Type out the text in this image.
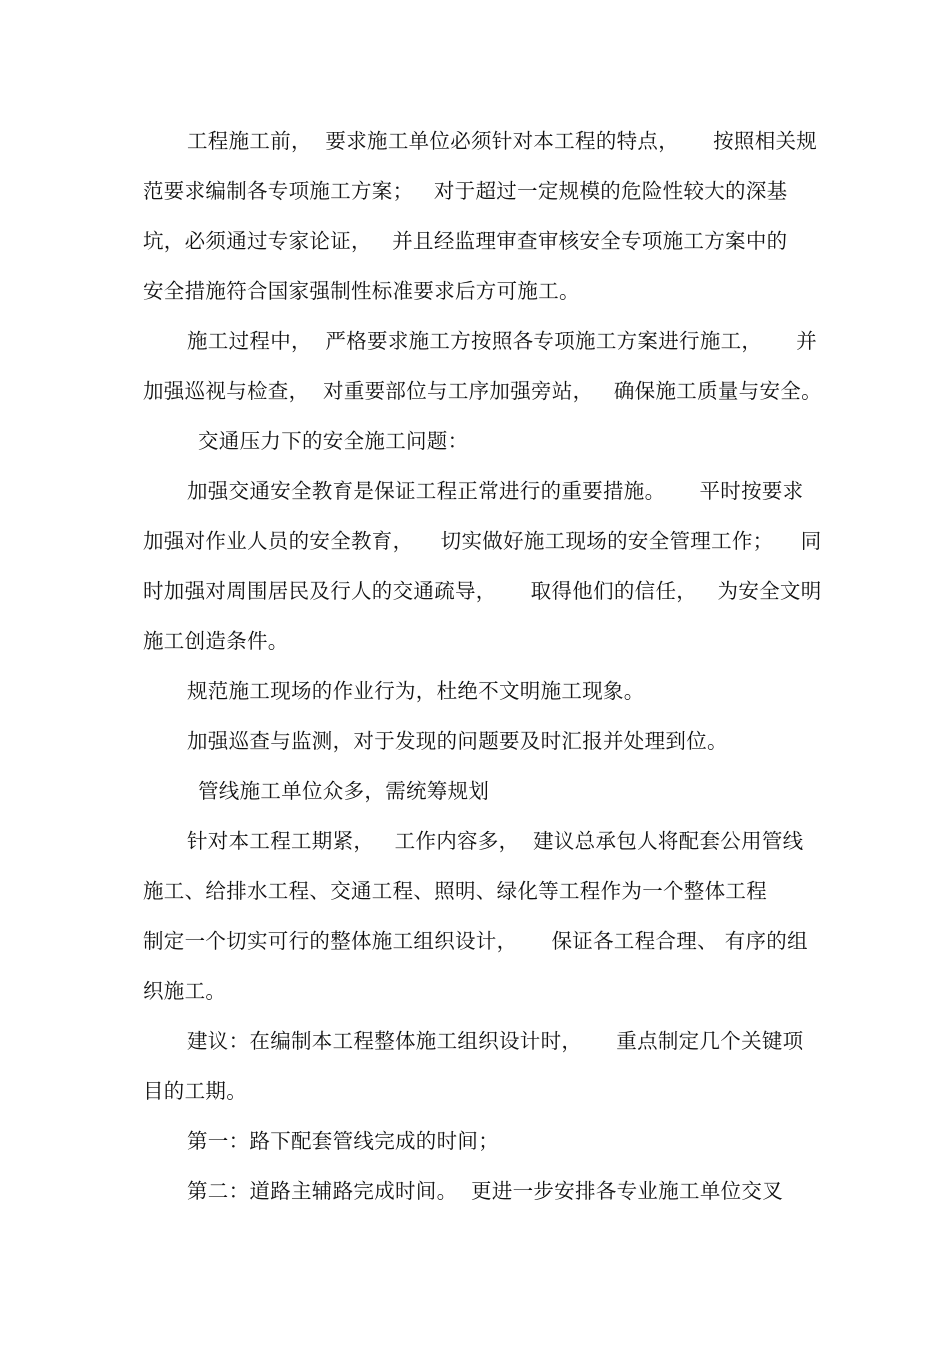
工程施工前，  要求施工单位必须针对本工程的特点，     按照相关规
范要求编制各专项施工方案；   对于超过一定规模的危险性较大的深基
坑，必须通过专家论证，   并且经监理审查审核安全专项施工方案中的
安全措施符合国家强制性标准要求后方可施工。
施工过程中，  严格要求施工方按照各专项施工方案进行施工，     并
加强巡视与检查，  对重要部位与工序加强旁站，   确保施工质量与安全。
交通压力下的安全施工问题：
加强交通安全教育是保证工程正常进行的重要措施。     平时按要求
加强对作业人员的安全教育，    切实做好施工现场的安全管理工作；    同
时加强对周围居民及行人的交通疏导，     取得他们的信任，   为安全文明
施工创造条件。
规范施工现场的作业行为，杜绝不文明施工现象。
加强巡查与监测，对于发现的问题要及时汇报并处理到位。
管线施工单位众多，需统筹规划
针对本工程工期紧，   工作内容多，  建议总承包人将配套公用管线
施工、给排水工程、交通工程、照明、绿化等工程作为一个整体工程
制定一个切实可行的整体施工组织设计，     保证各工程合理、 有序的组
织施工。
建议：在编制本工程整体施工组织设计时，     重点制定几个关键项
目的工期。
第一：路下配套管线完成的时间；
第二：道路主辅路完成时间。  更进一步安排各专业施工单位交叉
